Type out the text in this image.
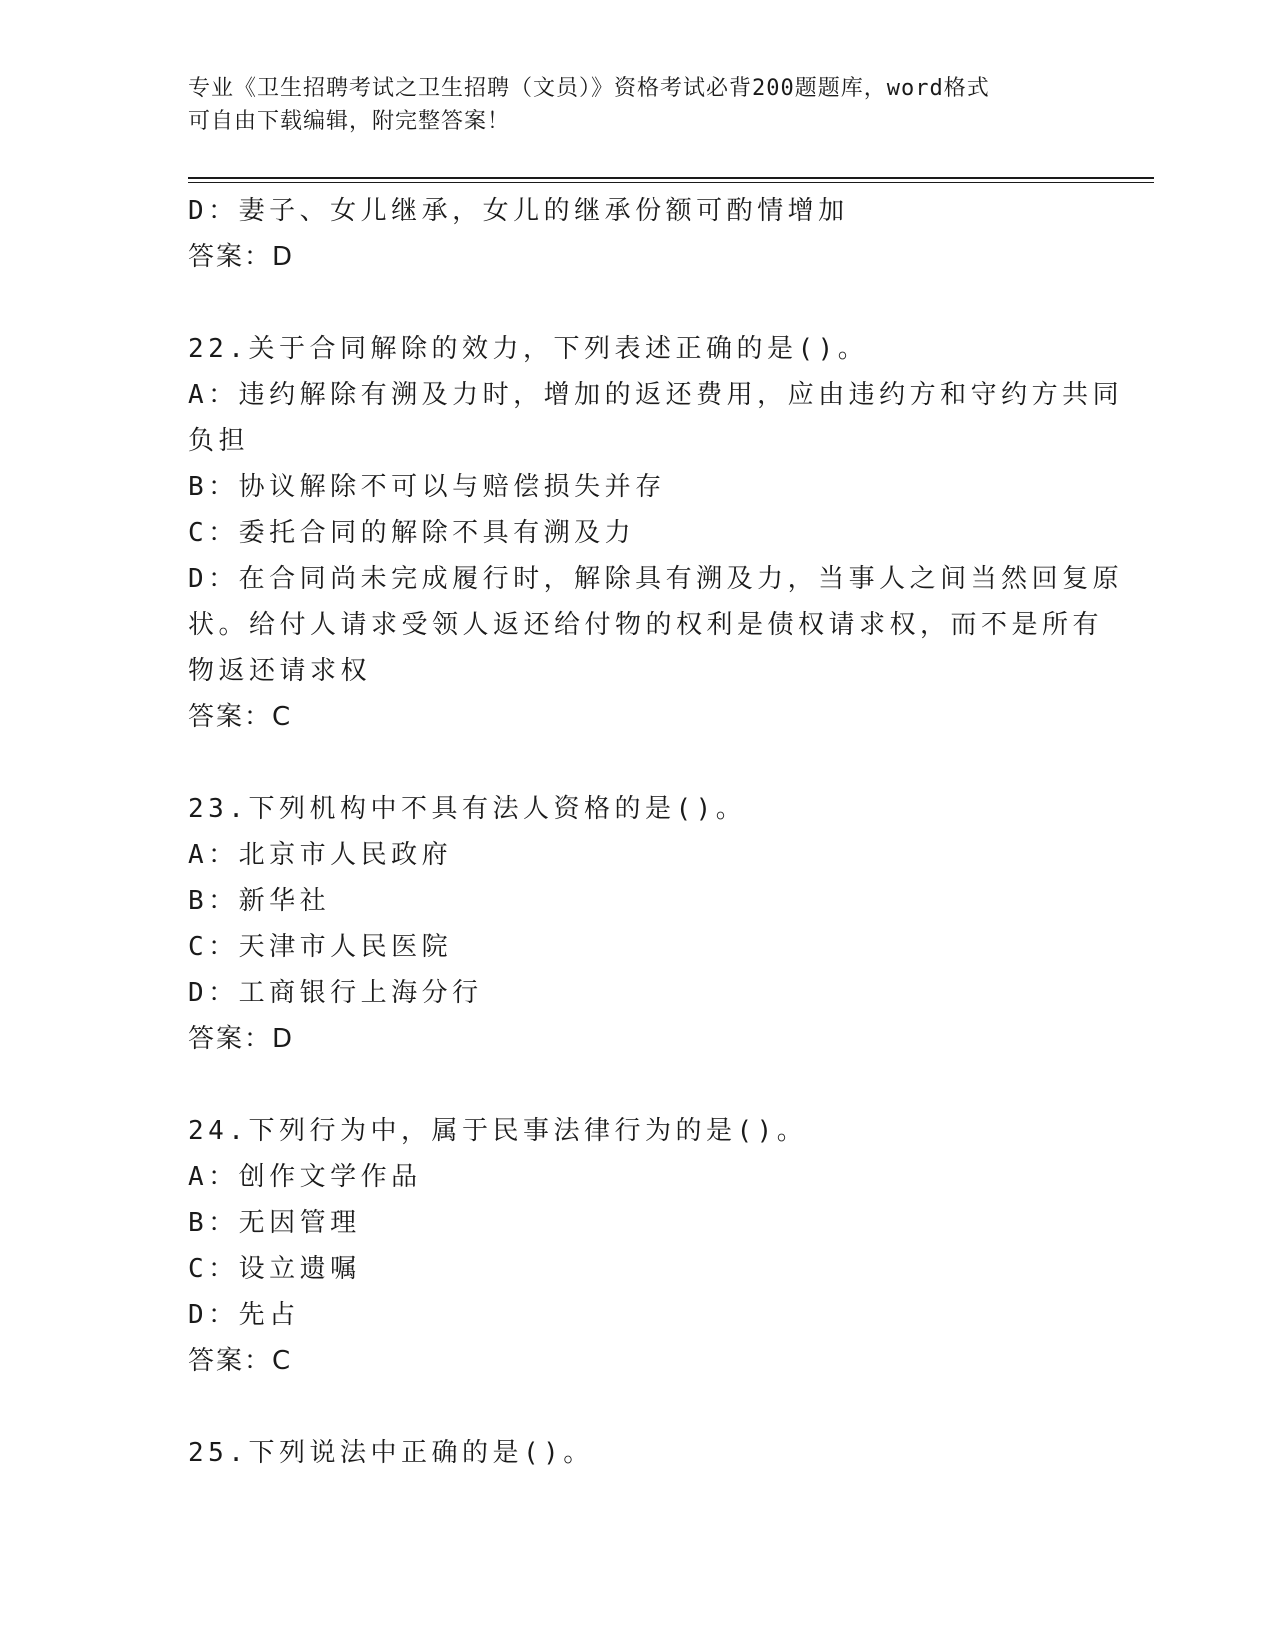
专业《卫生招聘考试之卫生招聘（文员）》资格考试必背200题题库，word格式
可自由下载编辑，附完整答案！
D：妻子、女儿继承，女儿的继承份额可酌情增加
答案：D
22.关于合同解除的效力，下列表述正确的是()。
A：违约解除有溯及力时，增加的返还费用，应由违约方和守约方共同
负担
B：协议解除不可以与赔偿损失并存
C：委托合同的解除不具有溯及力
D：在合同尚未完成履行时，解除具有溯及力，当事人之间当然回复原
状。给付人请求受领人返还给付物的权利是债权请求权，而不是所有
物返还请求权
答案：C
23.下列机构中不具有法人资格的是()。
A：北京市人民政府
B：新华社
C：天津市人民医院
D：工商银行上海分行
答案：D
24.下列行为中，属于民事法律行为的是()。
A：创作文学作品
B：无因管理
C：设立遗嘱
D：先占
答案：C
25.下列说法中正确的是()。
